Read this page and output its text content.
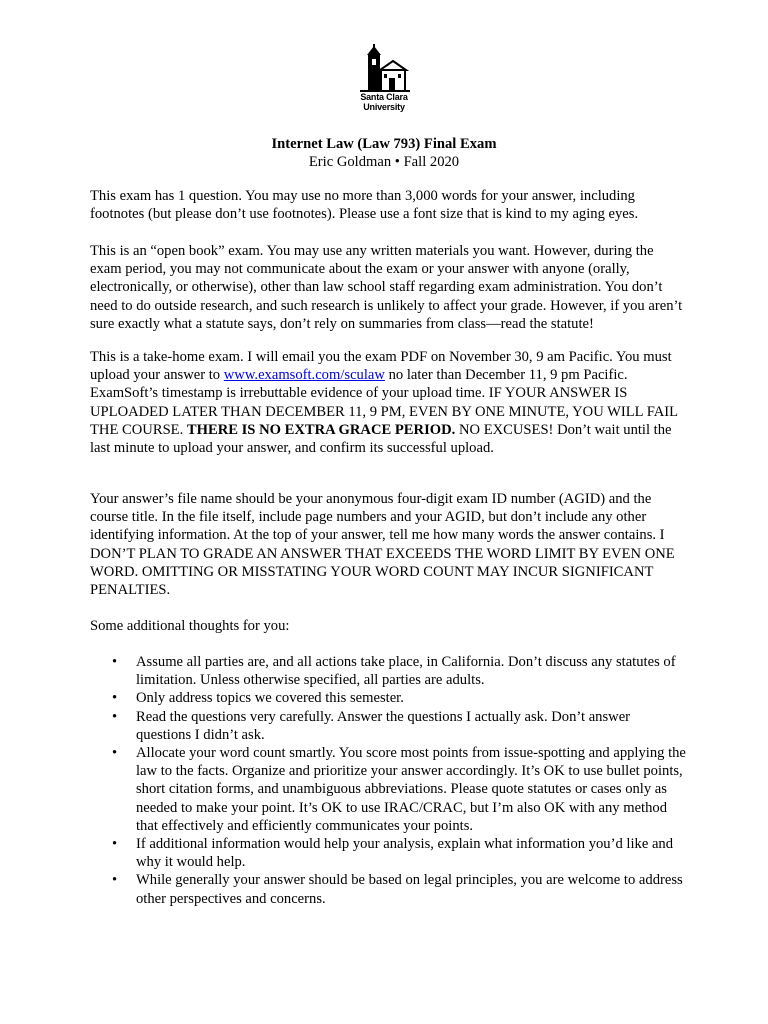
Santa Clara
University
Internet Law (Law 793) Final Exam
Eric Goldman • Fall 2020

This exam has 1 question. You may use no more than 3,000 words for your answer, including footnotes (but please don’t use footnotes). Please use a font size that is kind to my aging eyes.

This is an “open book” exam. You may use any written materials you want. However, during the exam period, you may not communicate about the exam or your answer with anyone (orally, electronically, or otherwise), other than law school staff regarding exam administration. You don’t need to do outside research, and such research is unlikely to affect your grade. However, if you aren’t sure exactly what a statute says, don’t rely on summaries from class—read the statute!

This is a take-home exam. I will email you the exam PDF on November 30, 9 am Pacific. You must upload your answer to www.examsoft.com/sculaw no later than December 11, 9 pm Pacific. ExamSoft’s timestamp is irrebuttable evidence of your upload time. IF YOUR ANSWER IS UPLOADED LATER THAN DECEMBER 11, 9 PM, EVEN BY ONE MINUTE, YOU WILL FAIL THE COURSE. THERE IS NO EXTRA GRACE PERIOD. NO EXCUSES! Don’t wait until the last minute to upload your answer, and confirm its successful upload.

Your answer’s file name should be your anonymous four-digit exam ID number (AGID) and the course title. In the file itself, include page numbers and your AGID, but don’t include any other identifying information. At the top of your answer, tell me how many words the answer contains. I DON’T PLAN TO GRADE AN ANSWER THAT EXCEEDS THE WORD LIMIT BY EVEN ONE WORD. OMITTING OR MISSTATING YOUR WORD COUNT MAY INCUR SIGNIFICANT PENALTIES.

Some additional thoughts for you:

• Assume all parties are, and all actions take place, in California. Don’t discuss any statutes of limitation. Unless otherwise specified, all parties are adults.
• Only address topics we covered this semester.
• Read the questions very carefully. Answer the questions I actually ask. Don’t answer questions I didn’t ask.
• Allocate your word count smartly. You score most points from issue-spotting and applying the law to the facts. Organize and prioritize your answer accordingly. It’s OK to use bullet points, short citation forms, and unambiguous abbreviations. Please quote statutes or cases only as needed to make your point. It’s OK to use IRAC/CRAC, but I’m also OK with any method that effectively and efficiently communicates your points.
• If additional information would help your analysis, explain what information you’d like and why it would help.
• While generally your answer should be based on legal principles, you are welcome to address other perspectives and concerns.
